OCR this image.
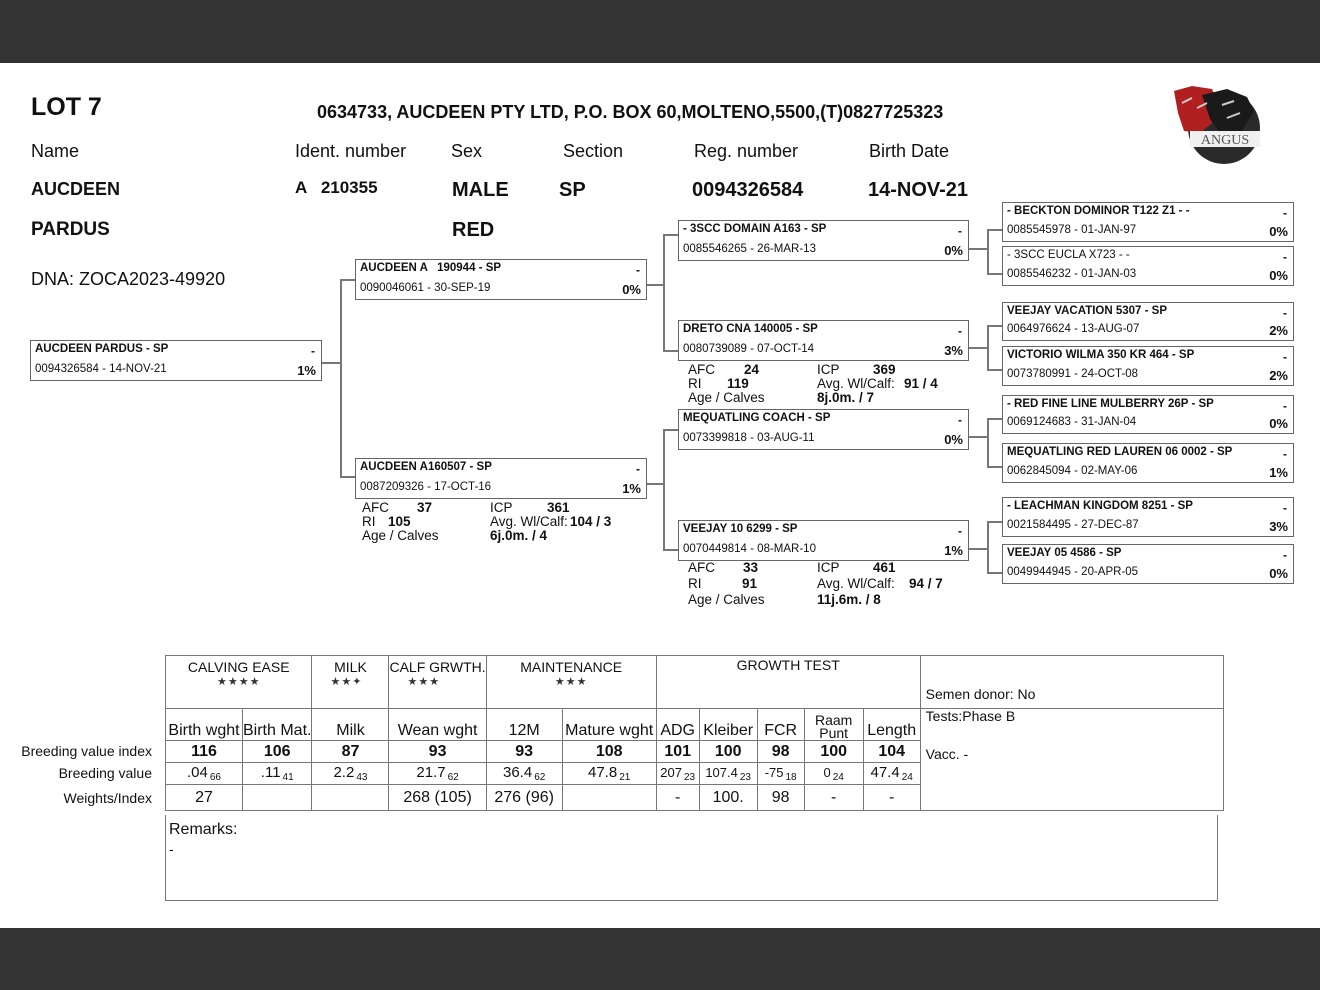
LOT 7	0634733, AUCDEEN PTY LTD, P.O. BOX 60,MOLTENO,5500,(T)0827725323
ANGUS
Name	Ident. number Sex	Section	Reg. number	Birth Date
AUCDEEN
PARDUS
A   210355	MALE
RED
SP	0094326584	14-NOV-21
DNA: ZOCA2023-49920
AUCDEEN PARDUS - SP	-
0094326584 - 14-NOV-21	1%
AUCDEEN A   190944 - SP	-
0090046061 - 30-SEP-19	0%
AUCDEEN A160507 - SP	-
0087209326 - 17-OCT-16	1%
AFC 37	ICP	361
RI 105	Avg. Wl/Calf: 104 / 3
Age / Calves	6j.0m. / 4
- 3SCC DOMAIN A163 - SP	-
0085546265 - 26-MAR-13	0%
DRETO CNA 140005 - SP	-
0080739089 - 07-OCT-14	3%
AFC 24	ICP 369
RI 119	Avg. Wl/Calf: 91 / 4
Age / Calves	8j.0m. / 7
MEQUATLING COACH - SP	-
0073399818 - 03-AUG-11	0%
VEEJAY 10 6299 - SP	-
0070449814 - 08-MAR-10	1%
AFC 33	ICP 461
RI	91	Avg. Wl/Calf: 94 / 7
Age / Calves	11j.6m. / 8
- BECKTON DOMINOR T122 Z1 - -	-
0085545978 - 01-JAN-97	0%
- 3SCC EUCLA X723 - -	-
0085546232 - 01-JAN-03	0%
VEEJAY VACATION 5307 - SP	-
0064976624 - 13-AUG-07	2%
VICTORIO WILMA 350 KR 464 - SP	-
0073780991 - 24-OCT-08	2%
- RED FINE LINE MULBERRY 26P - SP	-
0069124683 - 31-JAN-04	0%
MEQUATLING RED LAUREN 06 0002 - SP	-
0062845094 - 02-MAY-06	1%
- LEACHMAN KINGDOM 8251 - SP	-
0021584495 - 27-DEC-87	3%
VEEJAY 05 4586 - SP	-
0049944945 - 20-APR-05	0%
Breeding value index
Breeding value
Weights/Index
CALVING EASE
★★★★

MILK
★★✦

CALF GRWTH.
★★★

MAINTENANCE
★★★

GROWTH TEST

Birth wght	Birth Mat.	Milk	Wean wght	12M	Mature wght	ADG	Kleiber	FCR	Raam Punt	Length	Semen donor: No
Tests:Phase B
Vacc. -

116	106	87	93	93	108	101	100	98	100	104	
.04 $_{66}$	.11 $_{41}$	2.2 $_{43}$	21.7 $_{62}$	36.4 $_{62}$	47.8 $_{21}$	207 $_{23}$	107.4 $_{23}$	-75 $_{18}$	0 $_{24}$	47.4 $_{24}$
27			268 (105)	276 (96)		-	100.	98	-	-	
Remarks:
-
